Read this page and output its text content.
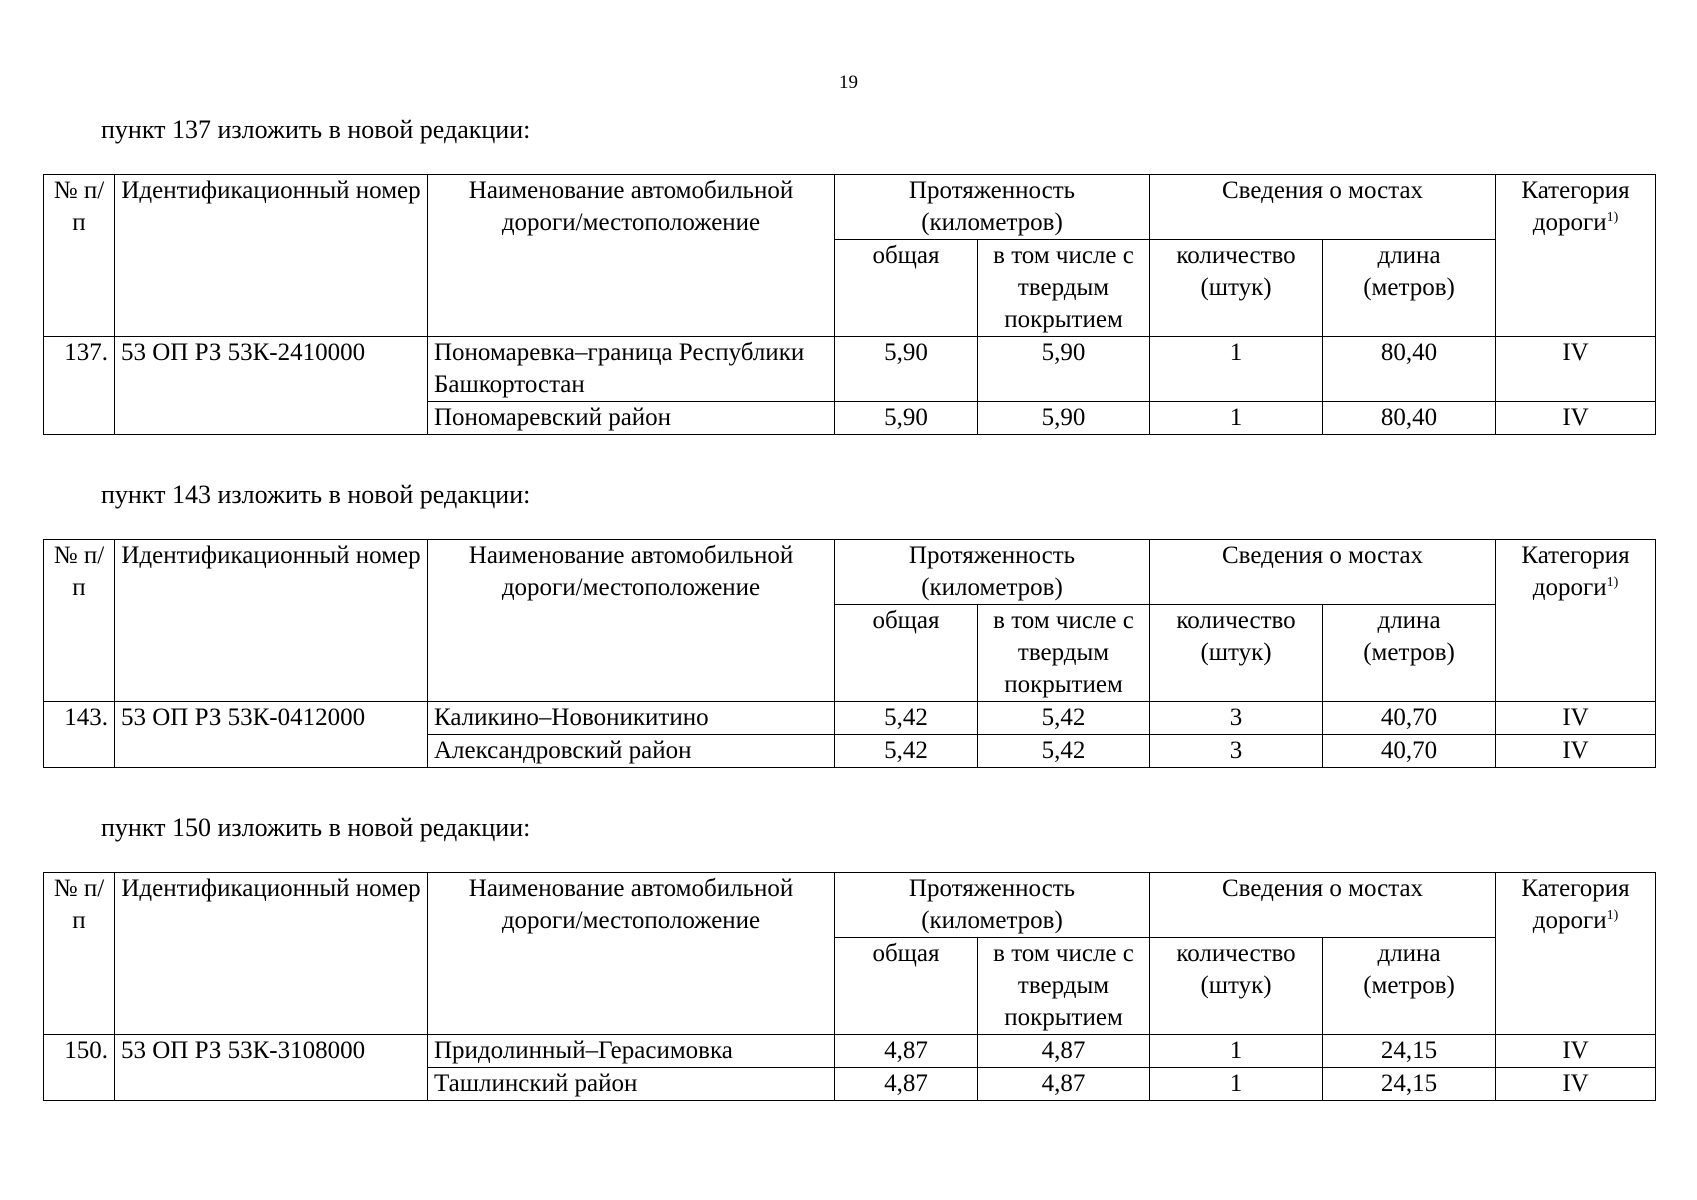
19
пункт 137 изложить в новой редакции:
№ п/п	Идентификационный номер	Наименование автомобильной дороги/местоположение	Протяженность (километров)		Сведения о мостах		Категория дороги$^{1)}$
			общая	в том числе с твердым покрытием	количество (штук)	длина (метров)	
137.	53 ОП РЗ 53К-2410000	Пономаревка–граница Республики Башкортостан	5,90	5,90	1	80,40	IV
		Пономаревский район	5,90	5,90	1	80,40	IV
пункт 143 изложить в новой редакции:
№ п/п	Идентификационный номер	Наименование автомобильной дороги/местоположение	Протяженность (километров)		Сведения о мостах		Категория дороги$^{1)}$
			общая	в том числе с твердым покрытием	количество (штук)	длина (метров)	
143.	53 ОП РЗ 53К-0412000	Каликино–Новоникитино	5,42	5,42	3	40,70	IV
		Александровский район	5,42	5,42	3	40,70	IV
пункт 150 изложить в новой редакции:
№ п/п	Идентификационный номер	Наименование автомобильной дороги/местоположение	Протяженность (километров)		Сведения о мостах		Категория дороги$^{1)}$
			общая	в том числе с твердым покрытием	количество (штук)	длина (метров)	
150.	53 ОП РЗ 53К-3108000	Придолинный–Герасимовка	4,87	4,87	1	24,15	IV
		Ташлинский район	4,87	4,87	1	24,15	IV
